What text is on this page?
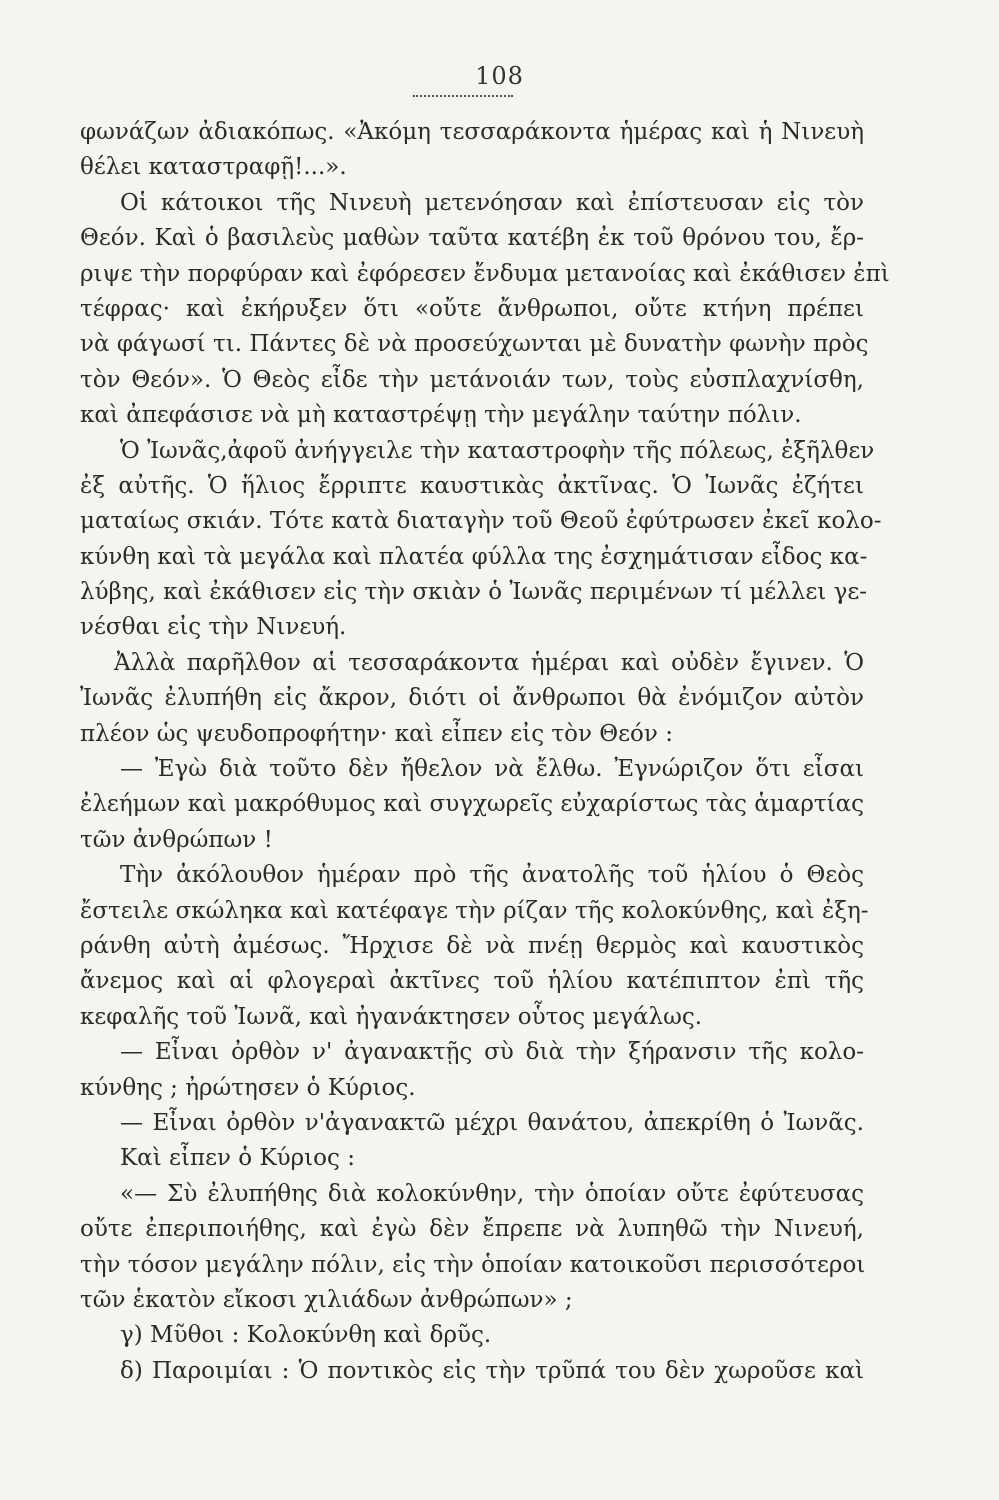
108
φωνάζων ἀδιακόπως. «Ἀκόμη τεσσαράκοντα ἡμέρας καὶ ἡ Νινευὴ
θέλει καταστραφῇ!...».
Οἱ κάτοικοι τῆς Νινευὴ μετενόησαν καὶ ἐπίστευσαν εἰς τὸν
Θεόν. Καὶ ὁ βασιλεὺς μαθὼν ταῦτα κατέβη ἐκ τοῦ θρόνου του, ἔρ-
ριψε τὴν πορφύραν καὶ ἐφόρεσεν ἔνδυμα μετανοίας καὶ ἐκάθισεν ἐπὶ
τέφρας· καὶ ἐκήρυξεν ὅτι «οὔτε ἄνθρωποι, οὔτε κτήνη πρέπει
νὰ φάγωσί τι. Πάντες δὲ νὰ προσεύχωνται μὲ δυνατὴν φωνὴν πρὸς
τὸν Θεόν». Ὁ Θεὸς εἶδε τὴν μετάνοιάν των, τοὺς εὐσπλαχνίσθη,
καὶ ἀπεφάσισε νὰ μὴ καταστρέψῃ τὴν μεγάλην ταύτην πόλιν.
Ὁ Ἰωνᾶς,ἀφοῦ ἀνήγγειλε τὴν καταστροφὴν τῆς πόλεως, ἐξῆλθεν
ἐξ αὐτῆς. Ὁ ἥλιος ἔρριπτε καυστικὰς ἀκτῖνας. Ὁ Ἰωνᾶς ἐζήτει
ματαίως σκιάν. Τότε κατὰ διαταγὴν τοῦ Θεοῦ ἐφύτρωσεν ἐκεῖ κολο-
κύνθη καὶ τὰ μεγάλα καὶ πλατέα φύλλα της ἐσχημάτισαν εἶδος κα-
λύβης, καὶ ἐκάθισεν εἰς τὴν σκιὰν ὁ Ἰωνᾶς περιμένων τί μέλλει γε-
νέσθαι εἰς τὴν Νινευή.
Ἀλλὰ παρῆλθον αἱ τεσσαράκοντα ἡμέραι καὶ οὐδὲν ἔγινεν. Ὁ
Ἰωνᾶς ἐλυπήθη εἰς ἄκρον, διότι οἱ ἄνθρωποι θὰ ἐνόμιζον αὐτὸν
πλέον ὡς ψευδοπροφήτην· καὶ εἶπεν εἰς τὸν Θεόν :
— Ἐγὼ διὰ τοῦτο δὲν ἤθελον νὰ ἔλθω. Ἐγνώριζον ὅτι εἶσαι
ἐλεήμων καὶ μακρόθυμος καὶ συγχωρεῖς εὐχαρίστως τὰς ἁμαρτίας
τῶν ἀνθρώπων !
Τὴν ἀκόλουθον ἡμέραν πρὸ τῆς ἀνατολῆς τοῦ ἡλίου ὁ Θεὸς
ἔστειλε σκώληκα καὶ κατέφαγε τὴν ρίζαν τῆς κολοκύνθης, καὶ ἐξη-
ράνθη αὐτὴ ἀμέσως. Ἤρχισε δὲ νὰ πνέῃ θερμὸς καὶ καυστικὸς
ἄνεμος καὶ αἱ φλογεραὶ ἀκτῖνες τοῦ ἡλίου κατέπιπτον ἐπὶ τῆς
κεφαλῆς τοῦ Ἰωνᾶ, καὶ ἠγανάκτησεν οὗτος μεγάλως.
— Εἶναι ὀρθὸν ν' ἀγανακτῇς σὺ διὰ τὴν ξήρανσιν τῆς κολο-
κύνθης ; ἠρώτησεν ὁ Κύριος.
— Εἶναι ὀρθὸν ν'ἀγανακτῶ μέχρι θανάτου, ἀπεκρίθη ὁ Ἰωνᾶς.
Καὶ εἶπεν ὁ Κύριος :
«— Σὺ ἐλυπήθης διὰ κολοκύνθην, τὴν ὁποίαν οὔτε ἐφύτευσας
οὔτε ἐπεριποιήθης, καὶ ἐγὼ δὲν ἔπρεπε νὰ λυπηθῶ τὴν Νινευή,
τὴν τόσον μεγάλην πόλιν, εἰς τὴν ὁποίαν κατοικοῦσι περισσότεροι
τῶν ἑκατὸν εἴκοσι χιλιάδων ἀνθρώπων» ;
γ) Μῦθοι : Κολοκύνθη καὶ δρῦς.
δ) Παροιμίαι : Ὁ ποντικὸς εἰς τὴν τρῦπά του δὲν χωροῦσε καὶ
